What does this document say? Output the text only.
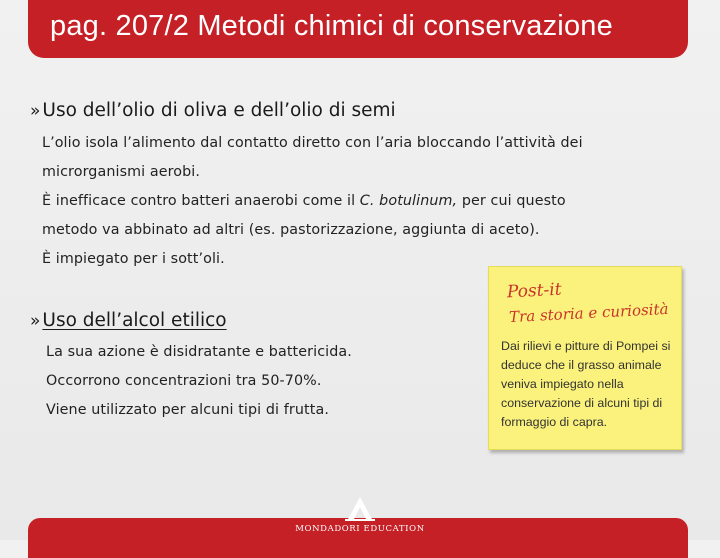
pag. 207/2 Metodi chimici di conservazione
» Uso dell’olio di oliva e dell’olio di semi
L’olio isola l’alimento dal contatto diretto con l’aria bloccando l’attività dei
microrganismi aerobi.
È inefficace contro batteri anaerobi come il C. botulinum, per cui questo
metodo va abbinato ad altri (es. pastorizzazione, aggiunta di aceto).
È impiegato per i sott’oli.
» Uso dell’alcol etilico
La sua azione è disidratante e battericida.
Occorrono concentrazioni tra 50-70%.
Viene utilizzato per alcuni tipi di frutta.
Post-it
Tra storia e curiosità
Dai rilievi e pitture di Pompei si deduce che il grasso animale veniva impiegato nella conservazione di alcuni tipi di formaggio di capra.
MONDADORI EDUCATION
